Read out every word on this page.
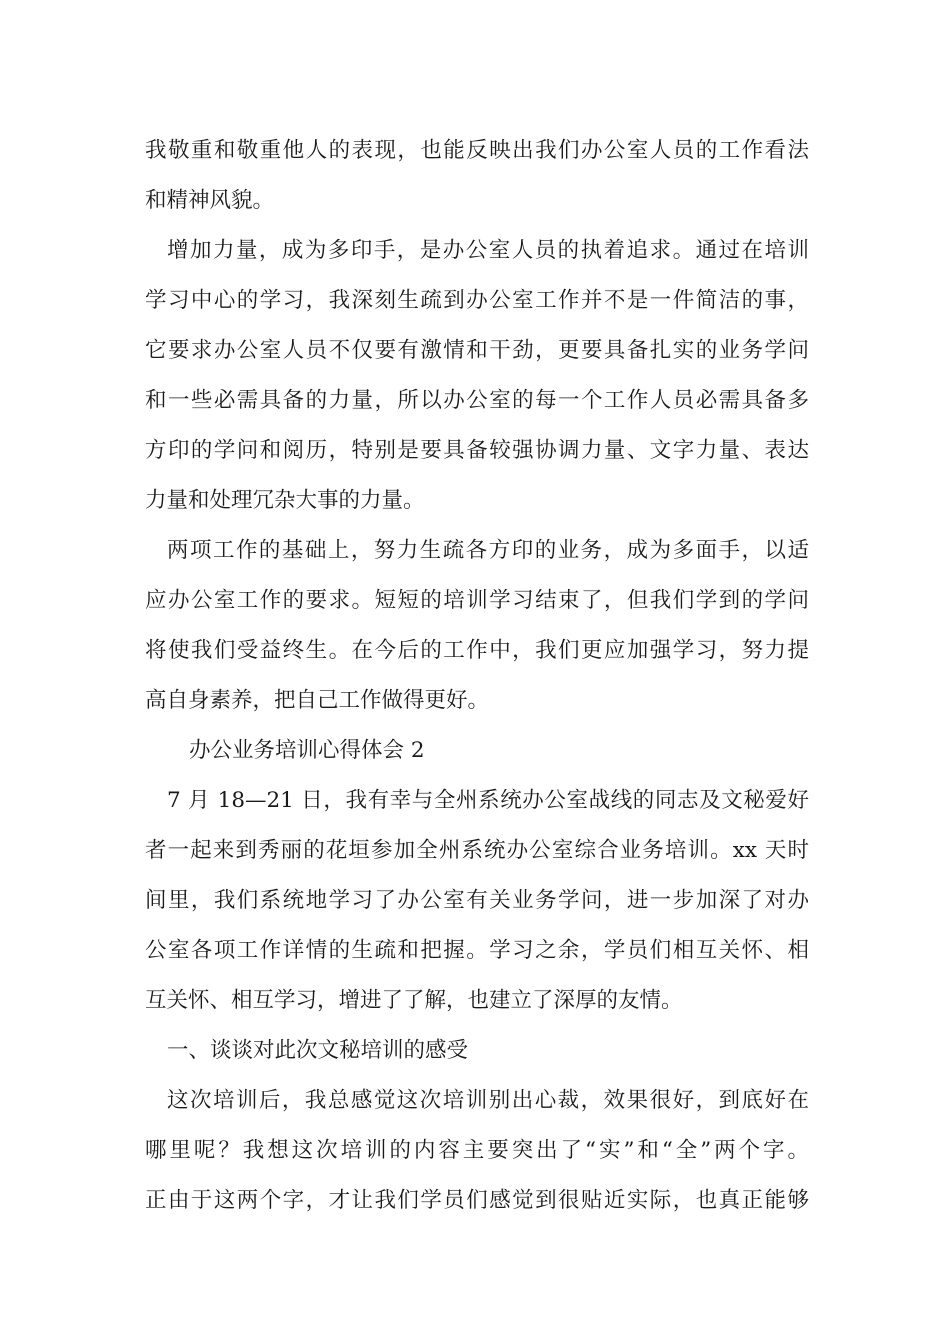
我敬重和敬重他人的表现，也能反映出我们办公室人员的工作看法
和精神风貌。
增加力量，成为多印手，是办公室人员的执着追求。通过在培训
学习中心的学习，我深刻生疏到办公室工作并不是一件简洁的事，
它要求办公室人员不仅要有激情和干劲，更要具备扎实的业务学问
和一些必需具备的力量，所以办公室的每一个工作人员必需具备多
方印的学问和阅历，特别是要具备较强协调力量、文字力量、表达
力量和处理冗杂大事的力量。
两项工作的基础上，努力生疏各方印的业务，成为多面手，以适
应办公室工作的要求。短短的培训学习结束了，但我们学到的学问
将使我们受益终生。在今后的工作中，我们更应加强学习，努力提
高自身素养，把自己工作做得更好。
办公业务培训心得体会 2
7 月 18—21 日，我有幸与全州系统办公室战线的同志及文秘爱好
者一起来到秀丽的花垣参加全州系统办公室综合业务培训。xx 天时
间里，我们系统地学习了办公室有关业务学问，进一步加深了对办
公室各项工作详情的生疏和把握。学习之余，学员们相互关怀、相
互关怀、相互学习，增进了了解，也建立了深厚的友情。
一、谈谈对此次文秘培训的感受
这次培训后，我总感觉这次培训别出心裁，效果很好，到底好在
哪里呢？我想这次培训的内容主要突出了“实”和“全”两个字。
正由于这两个字，才让我们学员们感觉到很贴近实际，也真正能够
